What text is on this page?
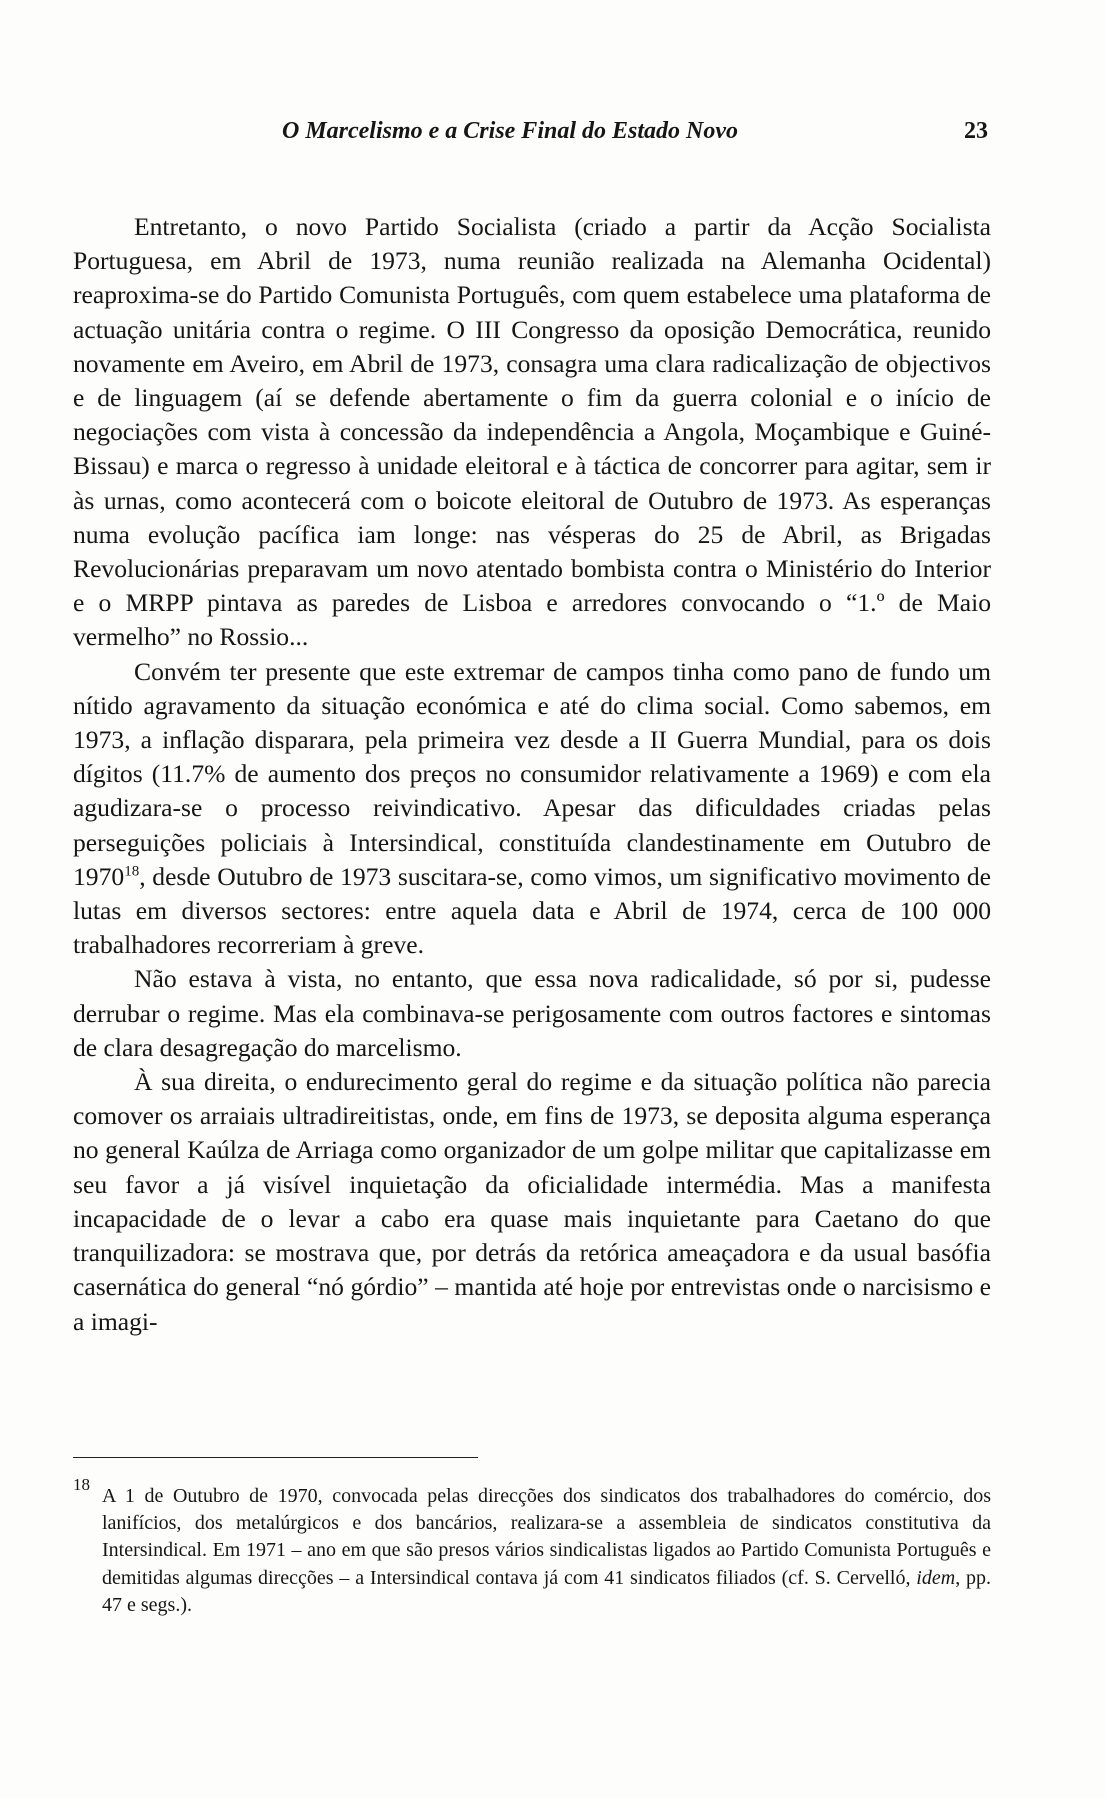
O Marcelismo e a Crise Final do Estado Novo	23

Entretanto, o novo Partido Socialista (criado a partir da Acção Socialista Portuguesa, em Abril de 1973, numa reunião realizada na Alemanha Ocidental) reaproxima-se do Partido Comunista Português, com quem estabelece uma plataforma de actuação unitária contra o regime. O III Congresso da oposição Democrática, reunido novamente em Aveiro, em Abril de 1973, consagra uma clara radicalização de objectivos e de linguagem (aí se defende abertamente o fim da guerra colonial e o início de negociações com vista à concessão da independência a Angola, Moçambique e Guiné-Bissau) e marca o regresso à unidade eleitoral e à táctica de concorrer para agitar, sem ir às urnas, como acontecerá com o boicote eleitoral de Outubro de 1973. As esperanças numa evolução pacífica iam longe: nas vésperas do 25 de Abril, as Brigadas Revolucionárias preparavam um novo atentado bombista contra o Ministério do Interior e o MRPP pintava as paredes de Lisboa e arredores convocando o “1.º de Maio vermelho” no Rossio...

Convém ter presente que este extremar de campos tinha como pano de fundo um nítido agravamento da situação económica e até do clima social. Como sabemos, em 1973, a inflação disparara, pela primeira vez desde a II Guerra Mundial, para os dois dígitos (11.7% de aumento dos preços no consumidor relativamente a 1969) e com ela agudizara-se o processo reivindicativo. Apesar das dificuldades criadas pelas perseguições policiais à Intersindical, constituída clandestinamente em Outubro de 1970$^{18}$, desde Outubro de 1973 suscitara-se, como vimos, um significativo movimento de lutas em diversos sectores: entre aquela data e Abril de 1974, cerca de 100 000 trabalhadores recorreriam à greve.

Não estava à vista, no entanto, que essa nova radicalidade, só por si, pudesse derrubar o regime. Mas ela combinava-se perigosamente com outros factores e sintomas de clara desagregação do marcelismo.

À sua direita, o endurecimento geral do regime e da situação política não parecia comover os arraiais ultradireitistas, onde, em fins de 1973, se deposita alguma esperança no general Kaúlza de Arriaga como organizador de um golpe militar que capitalizasse em seu favor a já visível inquietação da oficialidade intermédia. Mas a manifesta incapacidade de o levar a cabo era quase mais inquietante para Caetano do que tranquilizadora: se mostrava que, por detrás da retórica ameaçadora e da usual basófia casernática do general “nó górdio” – mantida até hoje por entrevistas onde o narcisismo e a imagi-

18

A 1 de Outubro de 1970, convocada pelas direcções dos sindicatos dos trabalhadores do comércio, dos lanifícios, dos metalúrgicos e dos bancários, realizara-se a assembleia de sindicatos constitutiva da Intersindical. Em 1971 – ano em que são presos vários sindicalistas ligados ao Partido Comunista Português e demitidas algumas direcções – a Intersindical contava já com 41 sindicatos filiados (cf. S. Cervelló, idem, pp. 47 e segs.).
